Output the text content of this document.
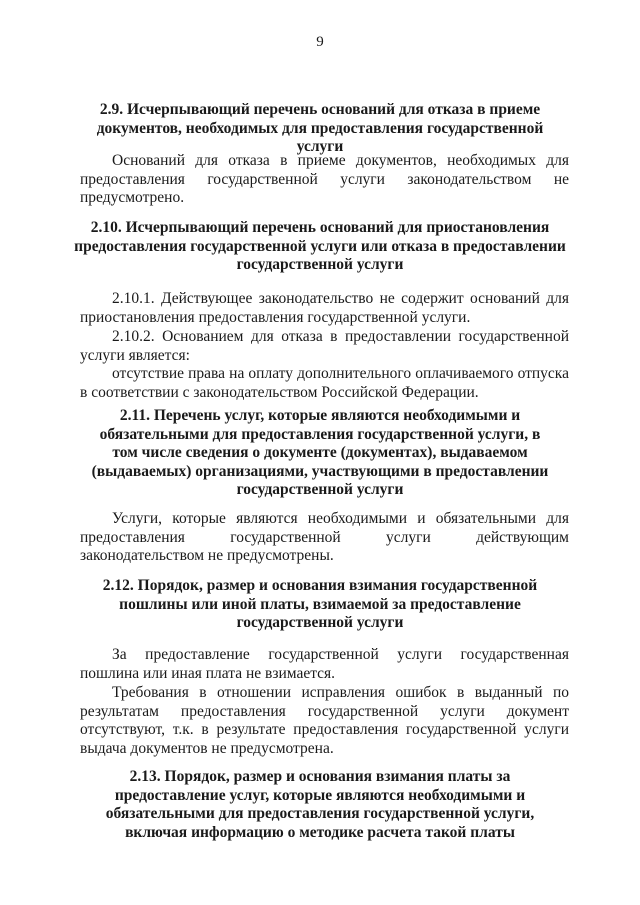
9
2.9. Исчерпывающий перечень оснований для отказа в приеме документов, необходимых для предоставления государственной услуги

Оснований для отказа в приеме документов, необходимых для предоставления государственной услуги законодательством не предусмотрено.

2.10. Исчерпывающий перечень оснований для приостановления предоставления государственной услуги или отказа в предоставлении государственной услуги

2.10.1. Действующее законодательство не содержит оснований для приостановления предоставления государственной услуги.

2.10.2. Основанием для отказа в предоставлении государственной услуги является:

отсутствие права на оплату дополнительного оплачиваемого отпуска в соответствии с законодательством Российской Федерации.

2.11. Перечень услуг, которые являются необходимыми и обязательными для предоставления государственной услуги, в том числе сведения о документе (документах), выдаваемом (выдаваемых) организациями, участвующими в предоставлении государственной услуги

Услуги, которые являются необходимыми и обязательными для предоставления государственной услуги действующим законодательством не предусмотрены.

2.12. Порядок, размер и основания взимания государственной пошлины или иной платы, взимаемой за предоставление государственной услуги

За предоставление государственной услуги государственная пошлина или иная плата не взимается.

Требования в отношении исправления ошибок в выданный по результатам предоставления государственной услуги документ отсутствуют, т.к. в результате предоставления государственной услуги выдача документов не предусмотрена.

2.13. Порядок, размер и основания взимания платы за предоставление услуг, которые являются необходимыми и обязательными для предоставления государственной услуги, включая информацию о методике расчета такой платы
